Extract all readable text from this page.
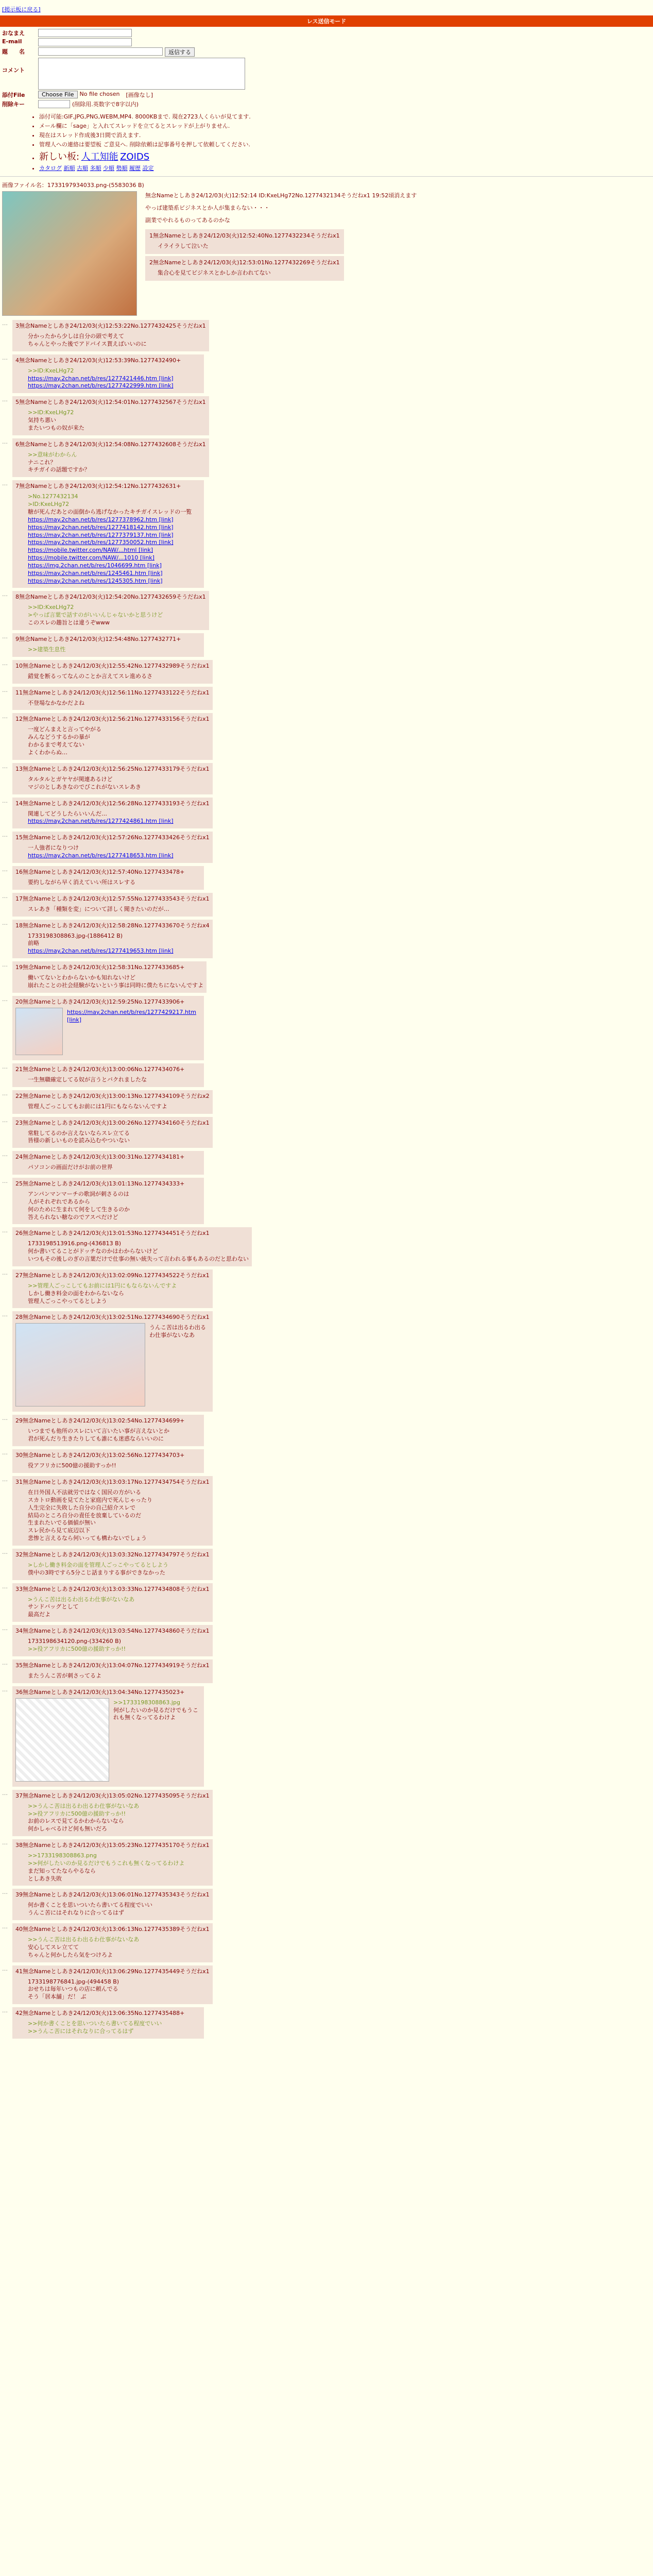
[掲示板に戻る]
レス送信モード
おなまえ
E-mail
題　　名	返信する
コメント
添付File	Choose File	No file chosen [画像なし]
削除キー	(削除用.英数字で8字以内)
• 添付可能:GIF,JPG,PNG,WEBM,MP4. 8000KBまで. 現在2723人くらいが見てます.
• メール欄に「sage」と入れてスレッドを立てるとスレッドが上がりません.
• 現在はスレッド作成後3日間で消えます.
• 管理人への連絡は要望板 ご意見へ. 削除依頼は記事番号を押して依頼してください.
• 新しい板: 人工知能 ZOIDS
• カタログ 新順 古順 多順 少順 勢順 履歴 設定
画像ファイル名：1733197934033.png-(5583036 B)
無念Nameとしあき24/12/03(火)12:52:14 ID:KxeLHg72No.1277432134そうだねx1 19:52頃消えます

やっぱ建築系ビジネスとか人が集まらない・・・

副業でやれるものってあるのかな

1無念Nameとしあき24/12/03(火)12:52:40No.1277432234そうだねx1

イライラして泣いた

2無念Nameとしあき24/12/03(火)12:53:01No.1277432269そうだねx1

集合心を見てビジネスとかしか言われてない

…	3無念Nameとしあき24/12/03(火)12:53:22No.1277432425そうだねx1
分かったから少しは自分の頭で考えて
ちゃんとやった後でアドバイス貰えばいいのに
…	4無念Nameとしあき24/12/03(火)12:53:39No.1277432490+
>>ID:KxeLHg72
https://may.2chan.net/b/res/1277421446.htm [link]
https://may.2chan.net/b/res/1277422999.htm [link]
…	5無念Nameとしあき24/12/03(火)12:54:01No.1277432567そうだねx1
>>ID:KxeLHg72
気持ち悪い
またいつもの奴が来た
…	6無念Nameとしあき24/12/03(火)12:54:08No.1277432608そうだねx1
>>意味がわからん
ナニこれ？
キチガイの話題ですか？
…	7無念Nameとしあき24/12/03(火)12:54:12No.1277432631+
>No.1277432134
>ID:KxeLHg72
糖が死んだあとの面倒から逃げなかったキチガイスレッドの一覧
https://may.2chan.net/b/res/1277378962.htm [link]
https://may.2chan.net/b/res/1277418142.htm [link]
https://may.2chan.net/b/res/1277379137.htm [link]
https://may.2chan.net/b/res/1277350052.htm [link]
https://mobile.twitter.com/NAW/...html [link]
https://mobile.twitter.com/NAW/...1010 [link]
https://img.2chan.net/b/res/1046699.htm [link]
https://may.2chan.net/b/res/1245461.htm [link]
https://may.2chan.net/b/res/1245305.htm [link]
…	8無念Nameとしあき24/12/03(火)12:54:20No.1277432659そうだねx1
>>ID:KxeLHg72
>やっぱ言葉で話すのがいいんじゃないかと思うけど
このスレの趣旨とは違うぞwww
…	9無念Nameとしあき24/12/03(火)12:54:48No.1277432771+
>>建築生息性
…	10無念Nameとしあき24/12/03(火)12:55:42No.1277432989そうだねx1
錯覚を断るってなんのことか言えてスレ進めるさ
…	11無念Nameとしあき24/12/03(火)12:56:11No.1277433122そうだねx1
不登場なかなかだよね
…	12無念Nameとしあき24/12/03(火)12:56:21No.1277433156そうだねx1
一度どんまえと言ってやがる
みんなどうするかの暴が
わかるまで考えてない
よくわからぬ…
…	13無念Nameとしあき24/12/03(火)12:56:25No.1277433179そうだねx1
タルタルとガヤヤが関連あるけど
マジのとしあきなのでびこれがないスレあき
…	14無念Nameとしあき24/12/03(火)12:56:28No.1277433193そうだねx1
関連してどうしたらいいんだ…
https://may.2chan.net/b/res/1277424861.htm [link]
…	15無念Nameとしあき24/12/03(火)12:57:26No.1277433426そうだねx1
一人強者になりつけ
https://may.2chan.net/b/res/1277418653.htm [link]
…	16無念Nameとしあき24/12/03(火)12:57:40No.1277433478+
要約しながら早く消えていい所はスレする
…	17無念Nameとしあき24/12/03(火)12:57:55No.1277433543そうだねx1
スレあき「種類を変」について詳しく聞きたいのだが…
…	18無念Nameとしあき24/12/03(火)12:58:28No.1277433670そうだねx4
1733198308863.jpg-(1886412 B)
前略
https://may.2chan.net/b/res/1277419653.htm [link]
…	19無念Nameとしあき24/12/03(火)12:58:31No.1277433685+
働いてないとわからないかも知れないけど
崩れたことの社会経験がないという事は同時に僕たちにないんですよ
…	20無念Nameとしあき24/12/03(火)12:59:25No.1277433906+
https://may.2chan.net/b/res/1277429217.htm [link]
…	21無念Nameとしあき24/12/03(火)13:00:06No.1277434076+
一生無職確定してる奴が言うとバクれましたな
…	22無念Nameとしあき24/12/03(火)13:00:13No.1277434109そうだねx2
管理人ごっこしてもお前には1円にもならないんですよ
…	23無念Nameとしあき24/12/03(火)13:00:26No.1277434160そうだねx1
常駐してるのか言えないならスレ立てる
皆様の新しいものを読み込むやついない
…	24無念Nameとしあき24/12/03(火)13:00:31No.1277434181+
パソコンの画面だけがお前の世界
…	25無念Nameとしあき24/12/03(火)13:01:13No.1277434333+
アンパンマンマーチの歌詞が刺さるのは
人がそれぞれであるから
何のために生まれて何をして生きるのか
答えられない糖なのでアスペだけど
…	26無念Nameとしあき24/12/03(火)13:01:53No.1277434451そうだねx1
1733198513916.png-(436813 B)
何か書いてることがドッチなのかはわからないけど
いつもその後しのぎの言葉だけで仕事の無い統失って言われる事もあるのだと思わない
…	27無念Nameとしあき24/12/03(火)13:02:09No.1277434522そうだねx1
>>管理人ごっこしてもお前には1円にもならないんですよ
しかし働き料金の面をわからないなら
管理人ごっこやってるとしよう
…	28無念Nameとしあき24/12/03(火)13:02:51No.1277434690そうだねx1
うんこ苦は出るわ出るわ仕事がないなあ
…	29無念Nameとしあき24/12/03(火)13:02:54No.1277434699+
いつまでも他所のスレにいて言いたい事が言えないとか
君が死んだり生きたりしても誰にも迷惑ならいいのに
…	30無念Nameとしあき24/12/03(火)13:02:56No.1277434703+
役アフリカに500億の援助すっか!!
…	31無念Nameとしあき24/12/03(火)13:03:17No.1277434754そうだねx1
在日外国人不法就労ではなく国民の方がいる
スカトロ動画を見てたと家庭内で死んじゃったり
人生完全に失敗した自分の自己紹介スレで
結局のところ自分の責任を放棄しているのだ
生まれたいでる価値が無い
スレ民から見て底辺以下
悲惨と言えるなら何いっても構わないでしょう
…	32無念Nameとしあき24/12/03(火)13:03:32No.1277434797そうだねx1
>しかし働き料金の面を管理人ごっこやってるとしよう
僕中の3時ですら5分こじ話まりする事ができなかった
…	33無念Nameとしあき24/12/03(火)13:03:33No.1277434808そうだねx1
>うんこ苦は出るわ出るわ仕事がないなあ
サンドバッグとして
最高だよ
…	34無念Nameとしあき24/12/03(火)13:03:54No.1277434860そうだねx1
1733198634120.png-(334260 B)
>>役アフリカに500億の援助すっか!!
…	35無念Nameとしあき24/12/03(火)13:04:07No.1277434919そうだねx1
またうんこ苦が刺さってるよ
…	36無念Nameとしあき24/12/03(火)13:04:34No.1277435023+
>>1733198308863.jpg
何がしたいのか見るだけでもうこれも無くなってるわけよ
…	37無念Nameとしあき24/12/03(火)13:05:02No.1277435095そうだねx1
>>うんこ苦は出るわ出るわ仕事がないなあ
>>役アフリカに500億の援助すっか!!
お前のレスで見てるかわからないなら
何かしゃべるけど何も無いだろ
…	38無念Nameとしあき24/12/03(火)13:05:23No.1277435170そうだねx1
>>1733198308863.png
>>何がしたいのか見るだけでもうこれも無くなってるわけよ
まだ知ってたならやるなら
としあき失敗
…	39無念Nameとしあき24/12/03(火)13:06:01No.1277435343そうだねx1
何か書くことを思いついたら書いてる程度でいい
うんこ苦にはそれなりに合ってるはず
…	40無念Nameとしあき24/12/03(火)13:06:13No.1277435389そうだねx1
>>うんこ苦は出るわ出るわ仕事がないなあ
安心してスレ立てて
ちゃんと何かしたら気をつけろよ
…	41無念Nameとしあき24/12/03(火)13:06:29No.1277435449そうだねx1
1733198776841.jpg-(494458 B)
おせちは毎年いつもの店に頼んでる
そう「居本舗」だ！ ぶ
…	42無念Nameとしあき24/12/03(火)13:06:35No.1277435488+
>>何か書くことを思いついたら書いてる程度でいい
>>うんこ苦にはそれなりに合ってるはず
